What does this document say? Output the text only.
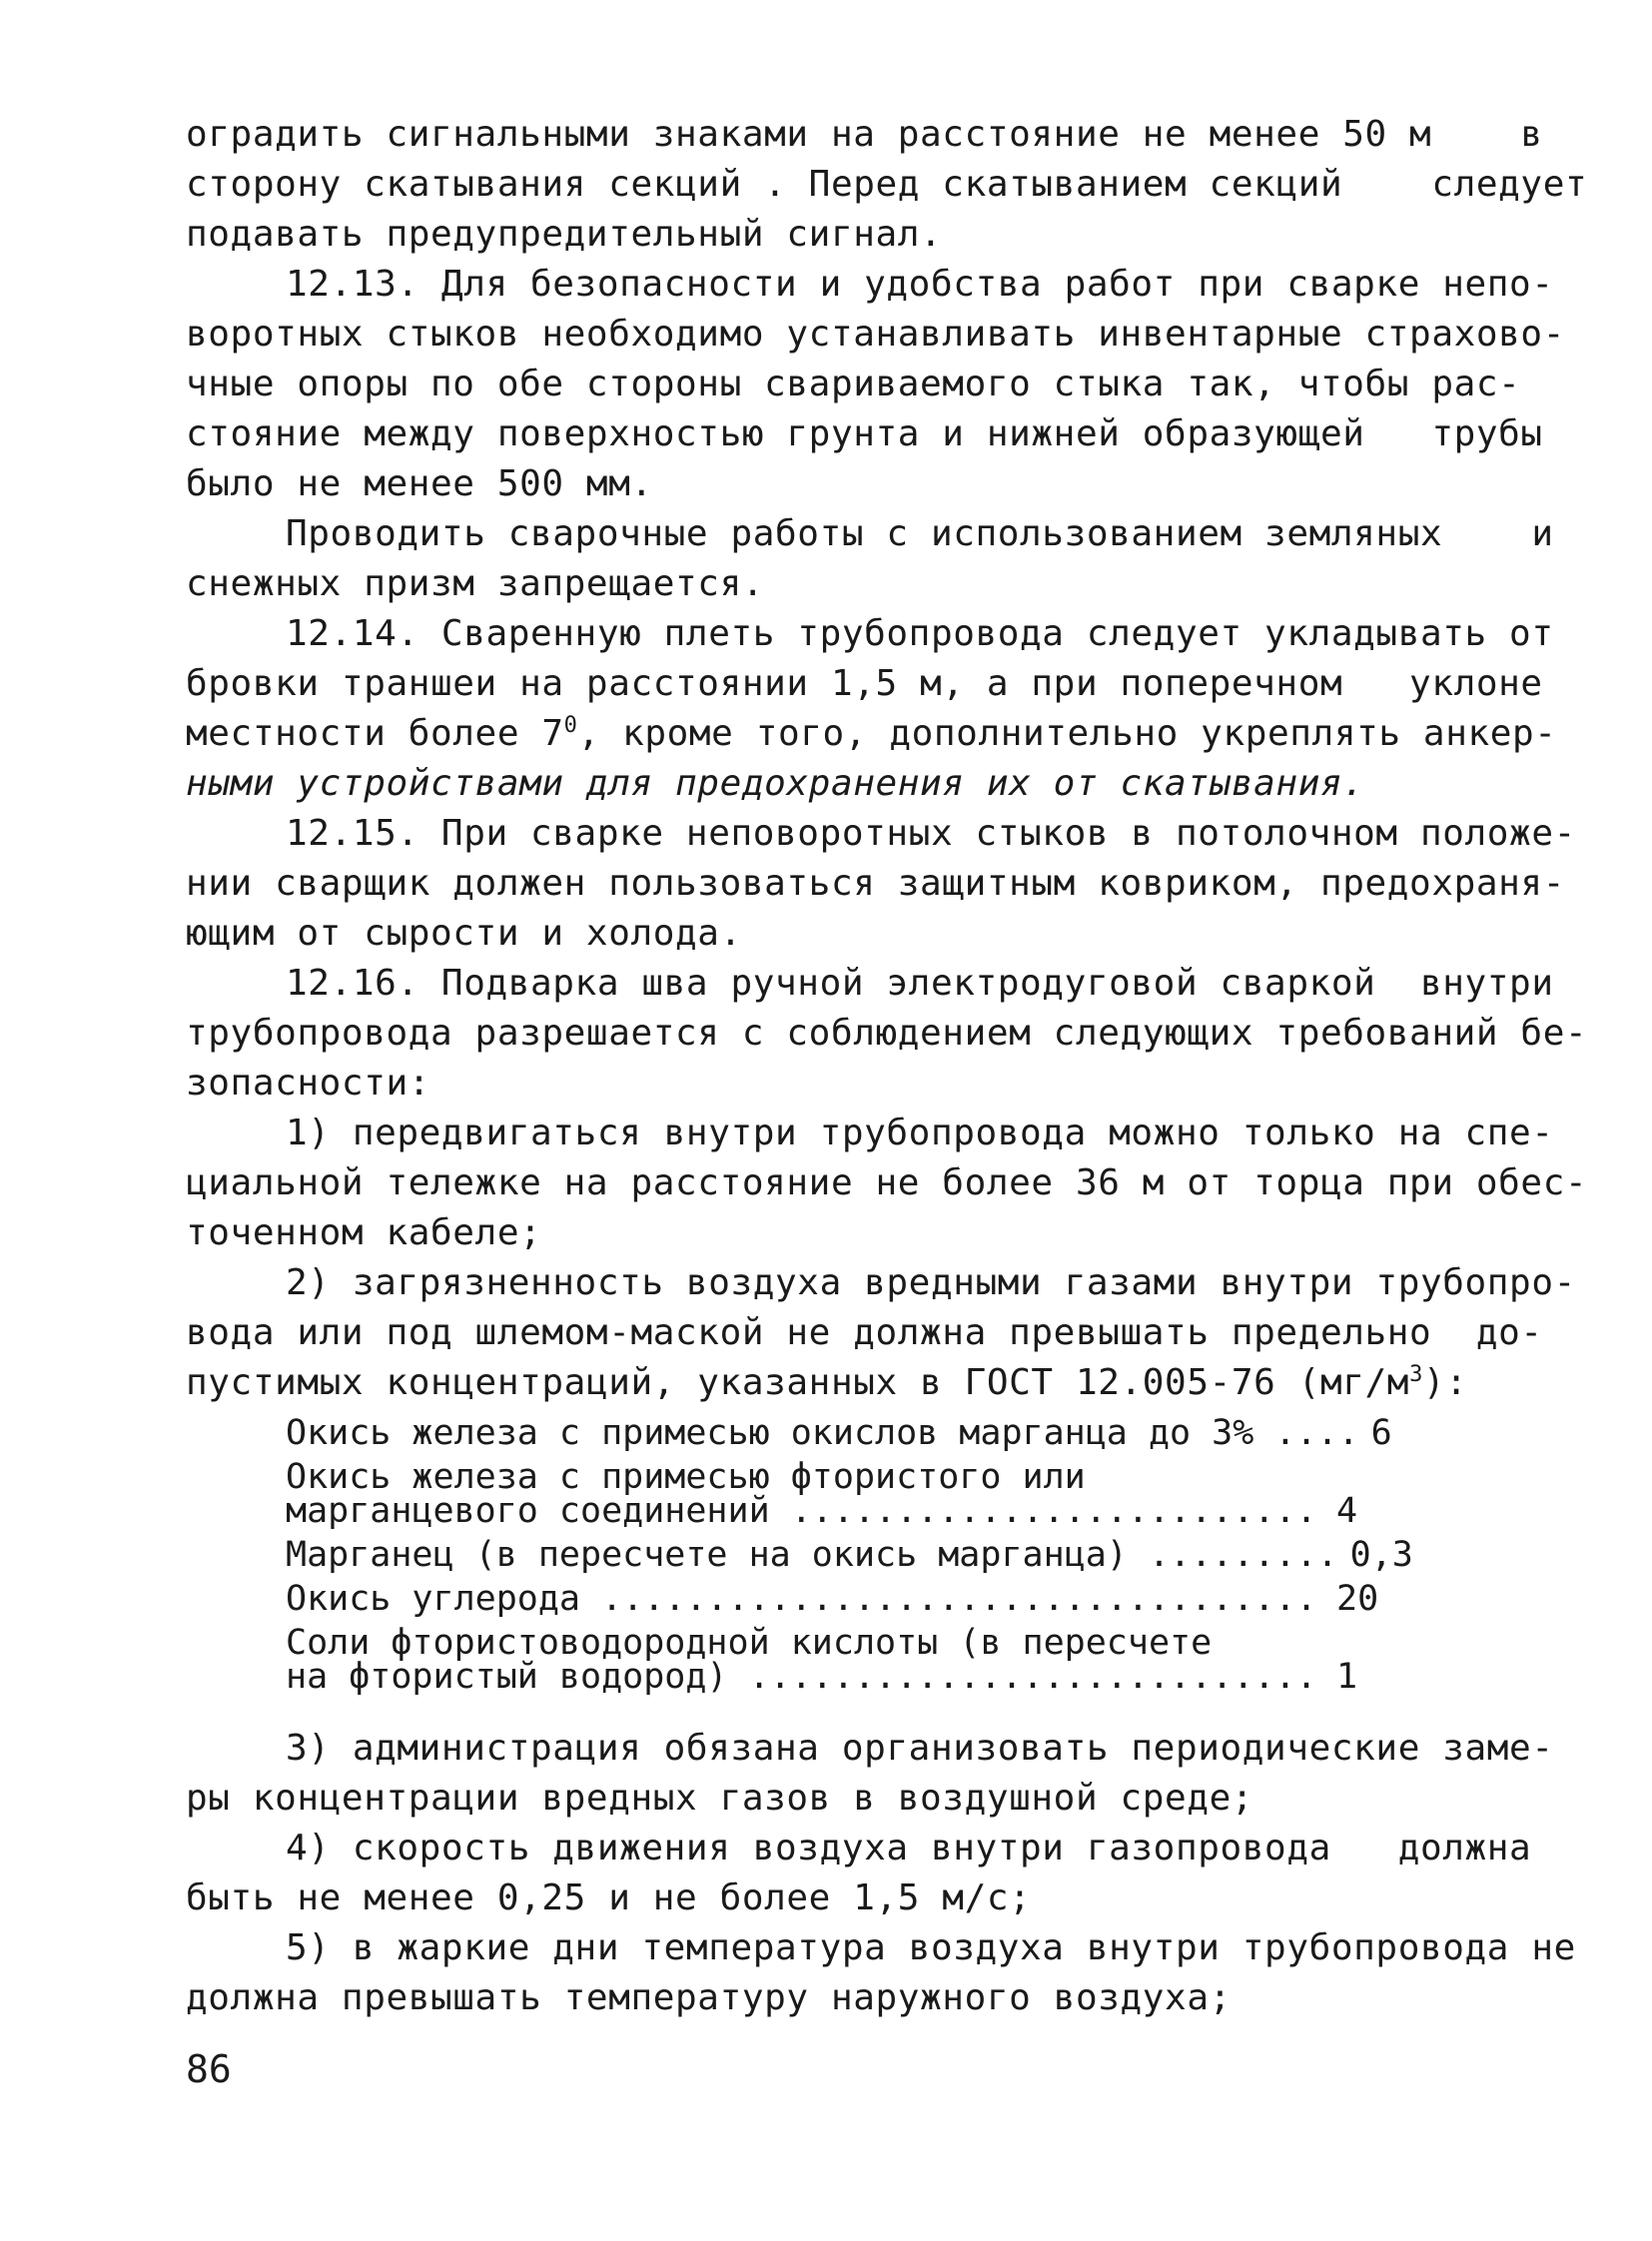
оградить сигнальными знаками на расстояние не менее 50 м    в
сторону скатывания секций . Перед скатыванием секций    следует
подавать предупредительный сигнал.
12.13. Для безопасности и удобства работ при сварке непо-
воротных стыков необходимо устанавливать инвентарные страхово-
чные опоры по обе стороны свариваемого стыка так, чтобы рас-
стояние между поверхностью грунта и нижней образующей   трубы
было не менее 500 мм.
Проводить сварочные работы с использованием земляных    и
снежных призм запрещается.
12.14. Сваренную плеть трубопровода следует укладывать от
бровки траншеи на расстоянии 1,5 м, а при поперечном   уклоне
местности более $7^0$, кроме того, дополнительно укреплять анкер-
ными устройствами для предохранения их от скатывания.
12.15. При сварке неповоротных стыков в потолочном положе-
нии сварщик должен пользоваться защитным ковриком, предохраня-
ющим от сырости и холода.
12.16. Подварка шва ручной электродуговой сваркой  внутри
трубопровода разрешается с соблюдением следующих требований бе-
зопасности:
1) передвигаться внутри трубопровода можно только на спе-
циальной тележке на расстояние не более 36 м от торца при обес-
точенном кабеле;
2) загрязненность воздуха вредными газами внутри трубопро-
вода или под шлемом-маской не должна превышать предельно  до-
пустимых концентраций, указанных в ГОСТ 12.005-76 $(мг/м^3)$:
Окись железа с примесью окислов марганца до 3% .... 6
Окись железа с примесью фтористого или
марганцевого соединений ......................... 4
Марганец (в пересчете на окись марганца) ......... 0,3
Окись углерода .................................. 20
Соли фтористоводородной кислоты (в пересчете
на фтористый водород) ........................... 1
3) администрация обязана организовать периодические заме-
ры концентрации вредных газов в воздушной среде;
4) скорость движения воздуха внутри газопровода   должна
быть не менее 0,25 и не более 1,5 м/с;
5) в жаркие дни температура воздуха внутри трубопровода не
должна превышать температуру наружного воздуха;
86
